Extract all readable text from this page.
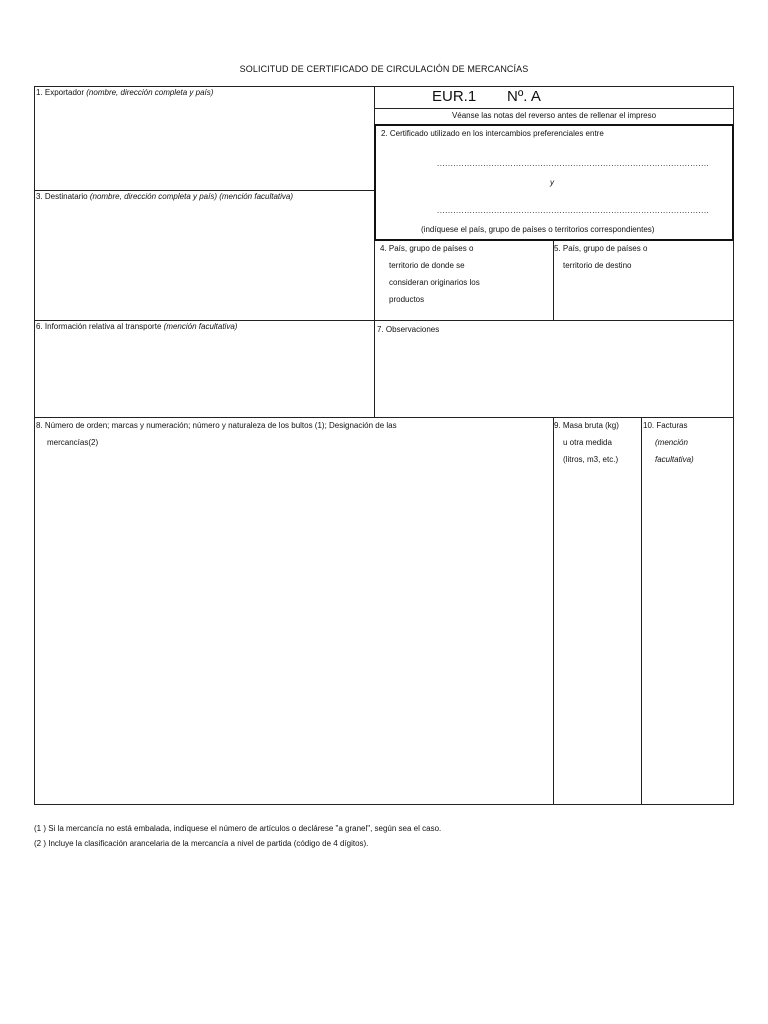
SOLICITUD DE CERTIFICADO DE CIRCULACIÓN DE MERCANCÍAS
EUR.1 Nº. A
Véanse las notas del reverso antes de rellenar el impreso
1. Exportador (nombre, dirección completa y país)
2. Certificado utilizado en los intercambios preferenciales entre
....................................................................................................
y
....................................................................................................
(indíquese el país, grupo de países o territorios correspondientes)
3. Destinatario (nombre, dirección completa y país) (mención facultativa)
4. País, grupo de países o
territorio de donde se
consideran originarios los
productos
5. País, grupo de países o
territorio de destino
6. Información relativa al transporte (mención facultativa)	7. Observaciones
8. Número de orden; marcas y numeración; número y naturaleza de los bultos (1); Designación de las
mercancías(2)
9. Masa bruta (kg)
u otra medida
(litros, m3, etc.)
10. Facturas
(mención
facultativa)
(1 ) Si la mercancía no está embalada, indíquese el número de artículos o declárese "a granel", según sea el caso.
(2 ) Incluye la clasificación arancelaria de la mercancía a nivel de partida (código de 4 dígitos).
